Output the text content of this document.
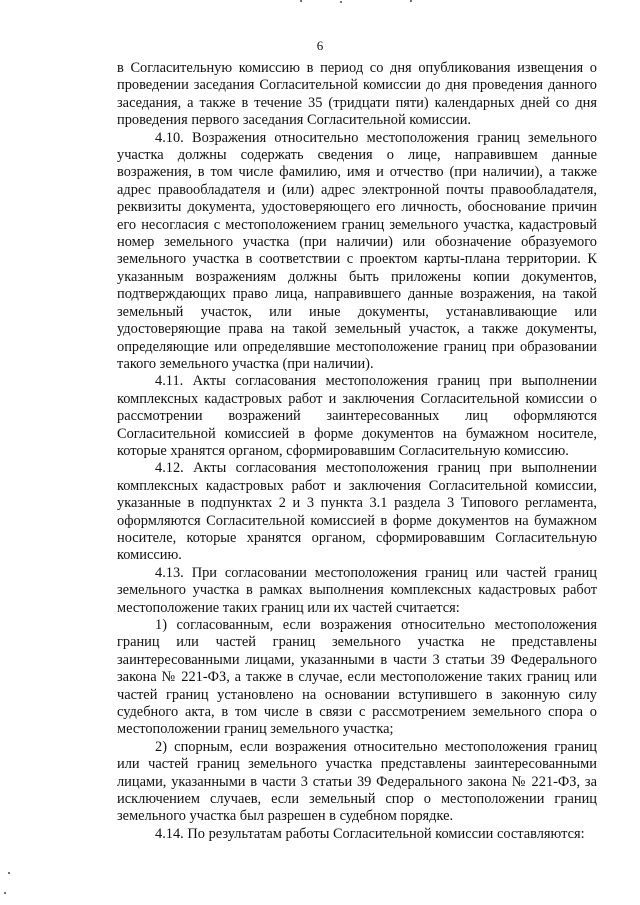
6

в Согласительную комиссию в период со дня опубликования извещения о проведении заседания Согласительной комиссии до дня проведения данного заседания, а также в течение 35 (тридцати пяти) календарных дней со дня проведения первого заседания Согласительной комиссии.

4.10. Возражения относительно местоположения границ земельного участка должны содержать сведения о лице, направившем данные возражения, в том числе фамилию, имя и отчество (при наличии), а также адрес правообладателя и (или) адрес электронной почты правообладателя, реквизиты документа, удостоверяющего его личность, обоснование причин его несогласия с местоположением границ земельного участка, кадастровый номер земельного участка (при наличии) или обозначение образуемого земельного участка в соответствии с проектом карты-плана территории. К указанным возражениям должны быть приложены копии документов, подтверждающих право лица, направившего данные возражения, на такой земельный участок, или иные документы, устанавливающие или удостоверяющие права на такой земельный участок, а также документы, определяющие или определявшие местоположение границ при образовании такого земельного участка (при наличии).

4.11. Акты согласования местоположения границ при выполнении комплексных кадастровых работ и заключения Согласительной комиссии о рассмотрении возражений заинтересованных лиц оформляются Согласительной комиссией в форме документов на бумажном носителе, которые хранятся органом, сформировавшим Согласительную комиссию.

4.12. Акты согласования местоположения границ при выполнении комплексных кадастровых работ и заключения Согласительной комиссии, указанные в подпунктах 2 и 3 пункта 3.1 раздела 3 Типового регламента, оформляются Согласительной комиссией в форме документов на бумажном носителе, которые хранятся органом, сформировавшим Согласительную комиссию.

4.13. При согласовании местоположения границ или частей границ земельного участка в рамках выполнения комплексных кадастровых работ местоположение таких границ или их частей считается:

1) согласованным, если возражения относительно местоположения границ или частей границ земельного участка не представлены заинтересованными лицами, указанными в части 3 статьи 39 Федерального закона № 221-ФЗ, а также в случае, если местоположение таких границ или частей границ установлено на основании вступившего в законную силу судебного акта, в том числе в связи с рассмотрением земельного спора о местоположении границ земельного участка;

2) спорным, если возражения относительно местоположения границ или частей границ земельного участка представлены заинтересованными лицами, указанными в части 3 статьи 39 Федерального закона № 221-ФЗ, за исключением случаев, если земельный спор о местоположении границ земельного участка был разрешен в судебном порядке.

4.14. По результатам работы Согласительной комиссии составляются:
